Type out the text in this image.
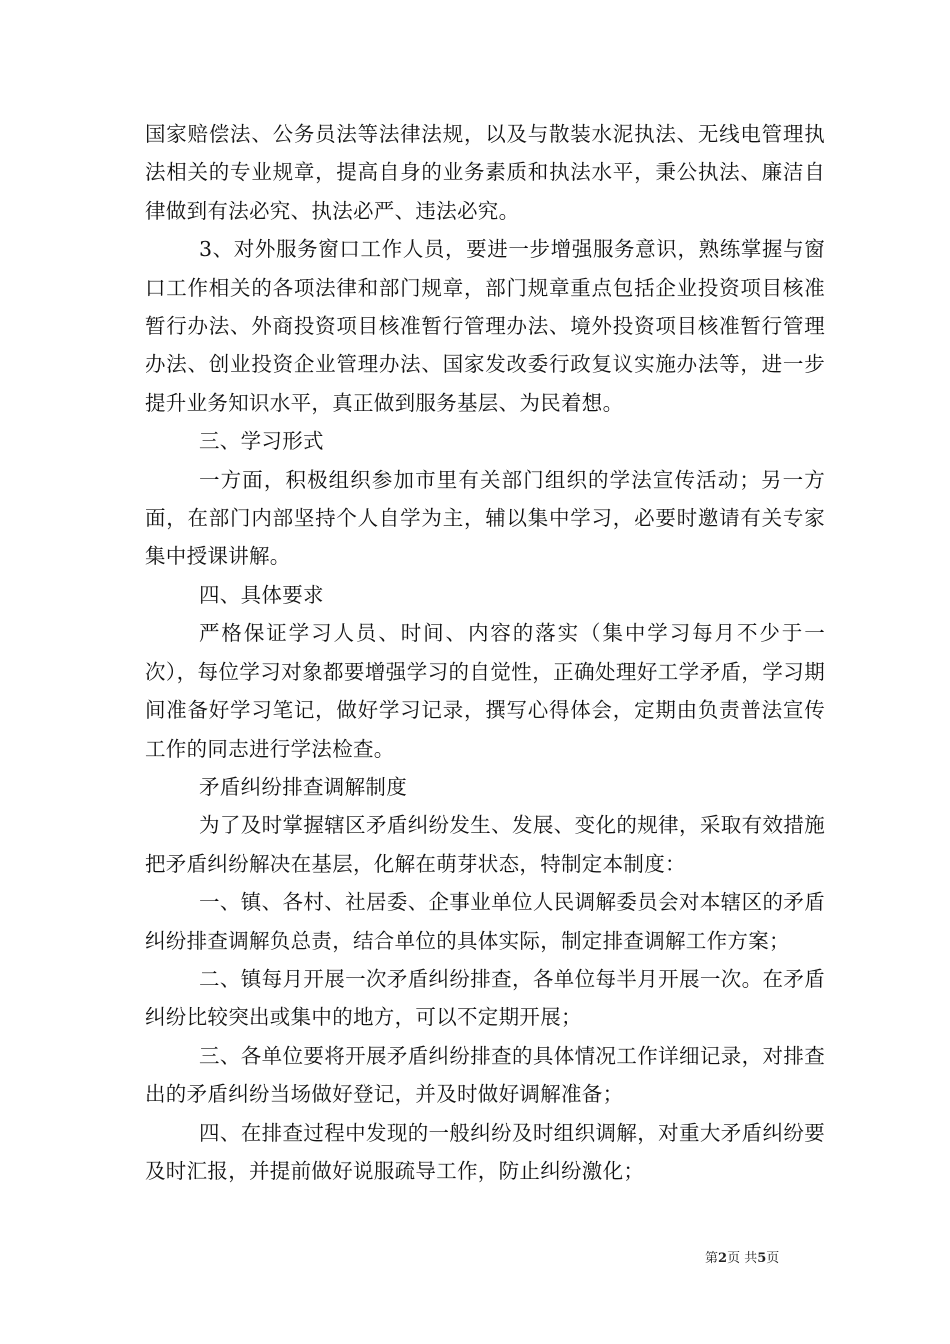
国家赔偿法、公务员法等法律法规，以及与散装水泥执法、无线电管理执法相关的专业规章，提高自身的业务素质和执法水平，秉公执法、廉洁自律做到有法必究、执法必严、违法必究。

3、对外服务窗口工作人员，要进一步增强服务意识，熟练掌握与窗口工作相关的各项法律和部门规章，部门规章重点包括企业投资项目核准暂行办法、外商投资项目核准暂行管理办法、境外投资项目核准暂行管理办法、创业投资企业管理办法、国家发改委行政复议实施办法等，进一步提升业务知识水平，真正做到服务基层、为民着想。

三、学习形式

一方面，积极组织参加市里有关部门组织的学法宣传活动；另一方面，在部门内部坚持个人自学为主，辅以集中学习，必要时邀请有关专家集中授课讲解。

四、具体要求

严格保证学习人员、时间、内容的落实（集中学习每月不少于一次），每位学习对象都要增强学习的自觉性，正确处理好工学矛盾，学习期间准备好学习笔记，做好学习记录，撰写心得体会，定期由负责普法宣传工作的同志进行学法检查。

矛盾纠纷排查调解制度

为了及时掌握辖区矛盾纠纷发生、发展、变化的规律，采取有效措施把矛盾纠纷解决在基层，化解在萌芽状态，特制定本制度：

一、镇、各村、社居委、企事业单位人民调解委员会对本辖区的矛盾纠纷排查调解负总责，结合单位的具体实际，制定排查调解工作方案；

二、镇每月开展一次矛盾纠纷排查，各单位每半月开展一次。在矛盾纠纷比较突出或集中的地方，可以不定期开展；

三、各单位要将开展矛盾纠纷排查的具体情况工作详细记录，对排查出的矛盾纠纷当场做好登记，并及时做好调解准备；

四、在排查过程中发现的一般纠纷及时组织调解，对重大矛盾纠纷要及时汇报，并提前做好说服疏导工作，防止纠纷激化；

第2页 共5页
